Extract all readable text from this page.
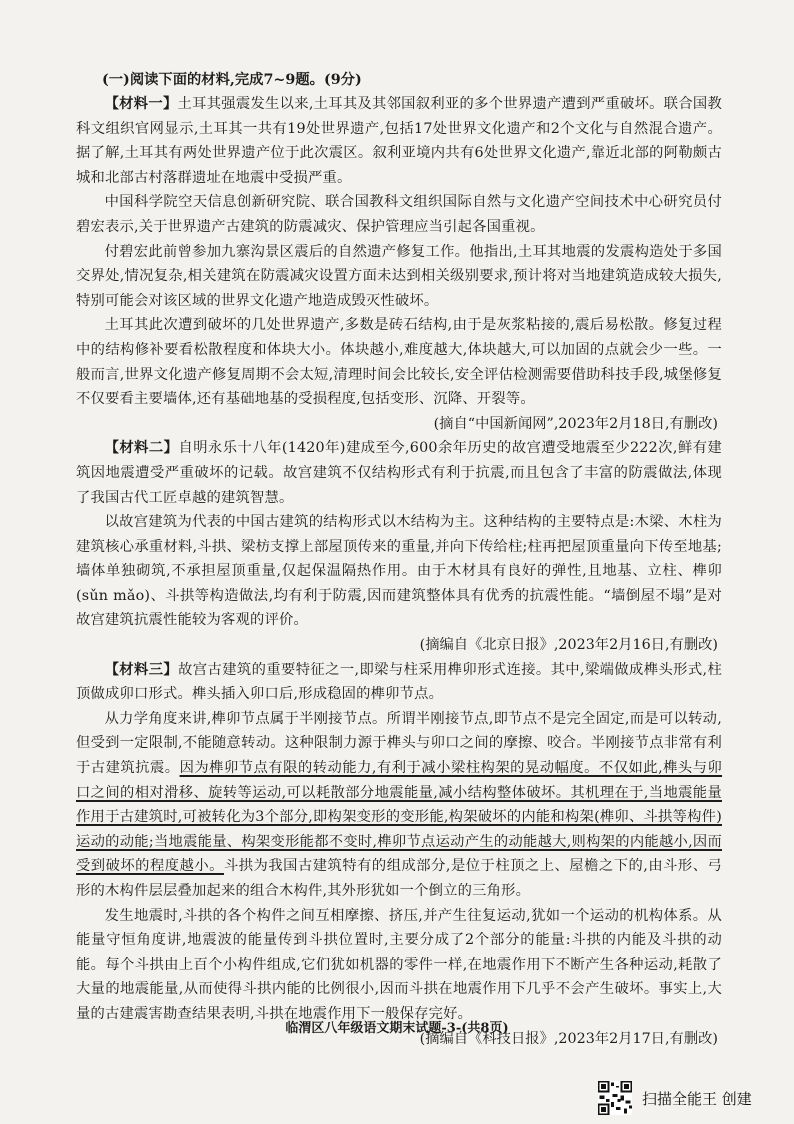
(一)阅读下面的材料,完成7~9题。(9分)

【材料一】土耳其强震发生以来,土耳其及其邻国叙利亚的多个世界遗产遭到严重破坏。联合国教科文组织官网显示,土耳其一共有19处世界遗产,包括17处世界文化遗产和2个文化与自然混合遗产。据了解,土耳其有两处世界遗产位于此次震区。叙利亚境内共有6处世界文化遗产,靠近北部的阿勒颇古城和北部古村落群遗址在地震中受损严重。

中国科学院空天信息创新研究院、联合国教科文组织国际自然与文化遗产空间技术中心研究员付碧宏表示,关于世界遗产古建筑的防震减灾、保护管理应当引起各国重视。

付碧宏此前曾参加九寨沟景区震后的自然遗产修复工作。他指出,土耳其地震的发震构造处于多国交界处,情况复杂,相关建筑在防震减灾设置方面未达到相关级别要求,预计将对当地建筑造成较大损失,特别可能会对该区域的世界文化遗产地造成毁灭性破坏。

土耳其此次遭到破坏的几处世界遗产,多数是砖石结构,由于是灰浆粘接的,震后易松散。修复过程中的结构修补要看松散程度和体块大小。体块越小,难度越大,体块越大,可以加固的点就会少一些。一般而言,世界文化遗产修复周期不会太短,清理时间会比较长,安全评估检测需要借助科技手段,城堡修复不仅要看主要墙体,还有基础地基的受损程度,包括变形、沉降、开裂等。

(摘自“中国新闻网”,2023年2月18日,有删改)

【材料二】自明永乐十八年(1420年)建成至今,600余年历史的故宫遭受地震至少222次,鲜有建筑因地震遭受严重破坏的记载。故宫建筑不仅结构形式有利于抗震,而且包含了丰富的防震做法,体现了我国古代工匠卓越的建筑智慧。

以故宫建筑为代表的中国古建筑的结构形式以木结构为主。这种结构的主要特点是:木梁、木柱为建筑核心承重材料,斗拱、梁枋支撑上部屋顶传来的重量,并向下传给柱;柱再把屋顶重量向下传至地基;墙体单独砌筑,不承担屋顶重量,仅起保温隔热作用。由于木材具有良好的弹性,且地基、立柱、榫卯(sǔn mǎo)、斗拱等构造做法,均有利于防震,因而建筑整体具有优秀的抗震性能。“墙倒屋不塌”是对故宫建筑抗震性能较为客观的评价。

(摘编自《北京日报》,2023年2月16日,有删改)

【材料三】故宫古建筑的重要特征之一,即梁与柱采用榫卯形式连接。其中,梁端做成榫头形式,柱顶做成卯口形式。榫头插入卯口后,形成稳固的榫卯节点。

从力学角度来讲,榫卯节点属于半刚接节点。所谓半刚接节点,即节点不是完全固定,而是可以转动,但受到一定限制,不能随意转动。这种限制力源于榫头与卯口之间的摩擦、咬合。半刚接节点非常有利于古建筑抗震。因为榫卯节点有限的转动能力,有利于减小梁柱构架的晃动幅度。不仅如此,榫头与卯口之间的相对滑移、旋转等运动,可以耗散部分地震能量,减小结构整体破坏。其机理在于,当地震能量作用于古建筑时,可被转化为3个部分,即构架变形的变形能,构架破坏的内能和构架(榫卯、斗拱等构件)运动的动能;当地震能量、构架变形能都不变时,榫卯节点运动产生的动能越大,则构架的内能越小,因而受到破坏的程度越小。斗拱为我国古建筑特有的组成部分,是位于柱顶之上、屋檐之下的,由斗形、弓形的木构件层层叠加起来的组合木构件,其外形犹如一个倒立的三角形。

发生地震时,斗拱的各个构件之间互相摩擦、挤压,并产生往复运动,犹如一个运动的机构体系。从能量守恒角度讲,地震波的能量传到斗拱位置时,主要分成了2个部分的能量:斗拱的内能及斗拱的动能。每个斗拱由上百个小构件组成,它们犹如机器的零件一样,在地震作用下不断产生各种运动,耗散了大量的地震能量,从而使得斗拱内能的比例很小,因而斗拱在地震作用下几乎不会产生破坏。事实上,大量的古建震害勘查结果表明,斗拱在地震作用下一般保存完好。

(摘编自《科技日报》,2023年2月17日,有删改)

临渭区八年级语文期末试题-3-(共8页)
扫描全能王 创建
